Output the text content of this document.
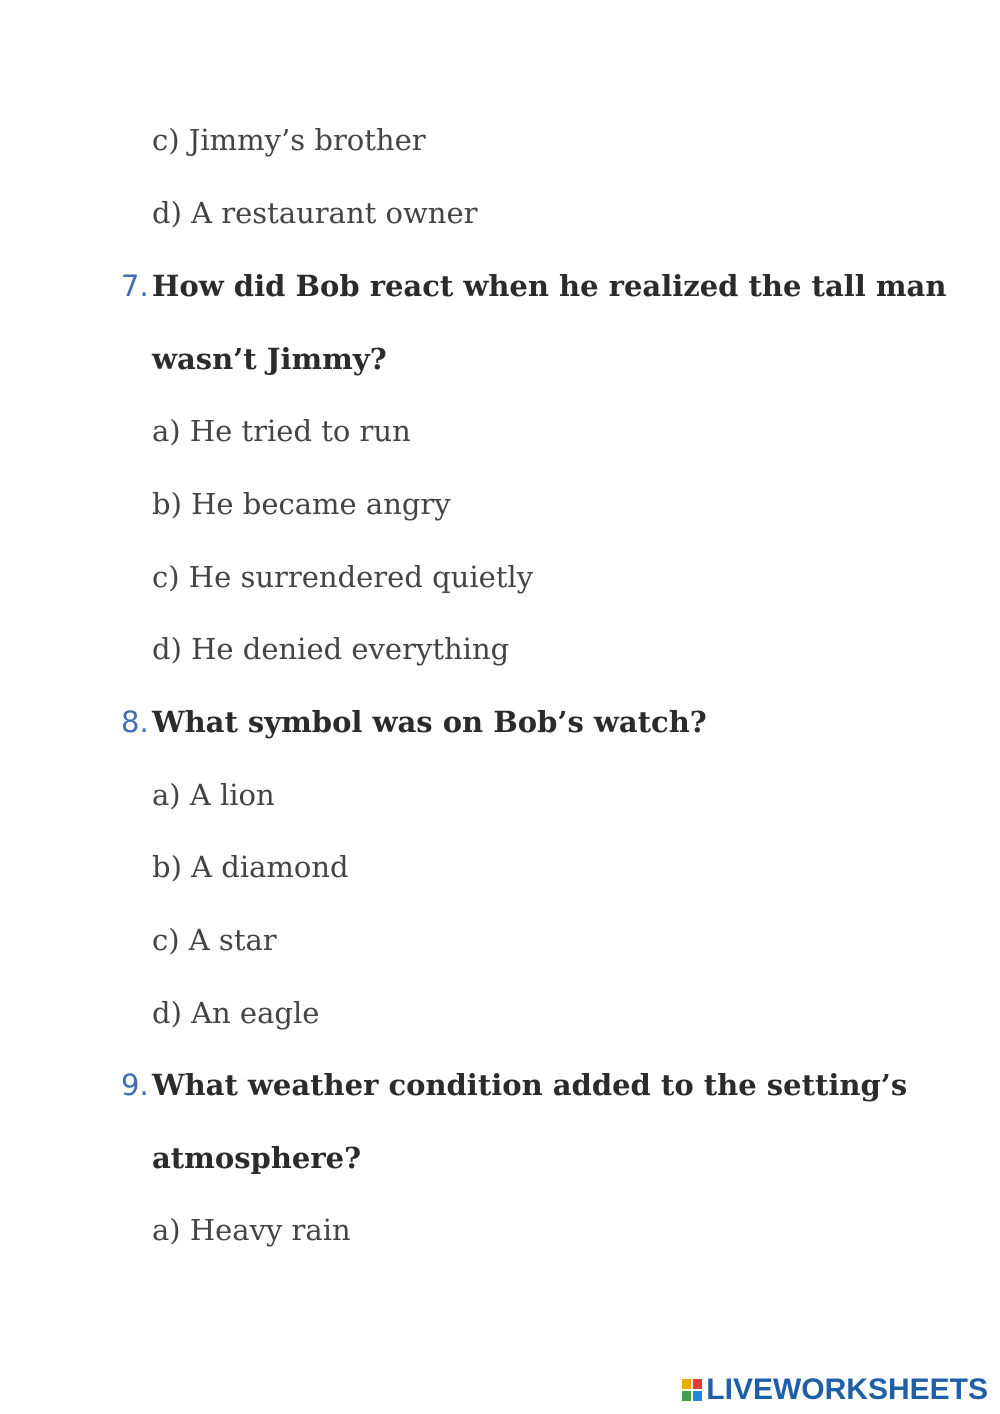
c) Jimmy’s brother
d) A restaurant owner
7. How did Bob react when he realized the tall man
wasn’t Jimmy?
a) He tried to run
b) He became angry
c) He surrendered quietly
d) He denied everything
8. What symbol was on Bob’s watch?
a) A lion
b) A diamond
c) A star
d) An eagle
9. What weather condition added to the setting’s
atmosphere?
a) Heavy rain
LIVEWORKSHEETS
